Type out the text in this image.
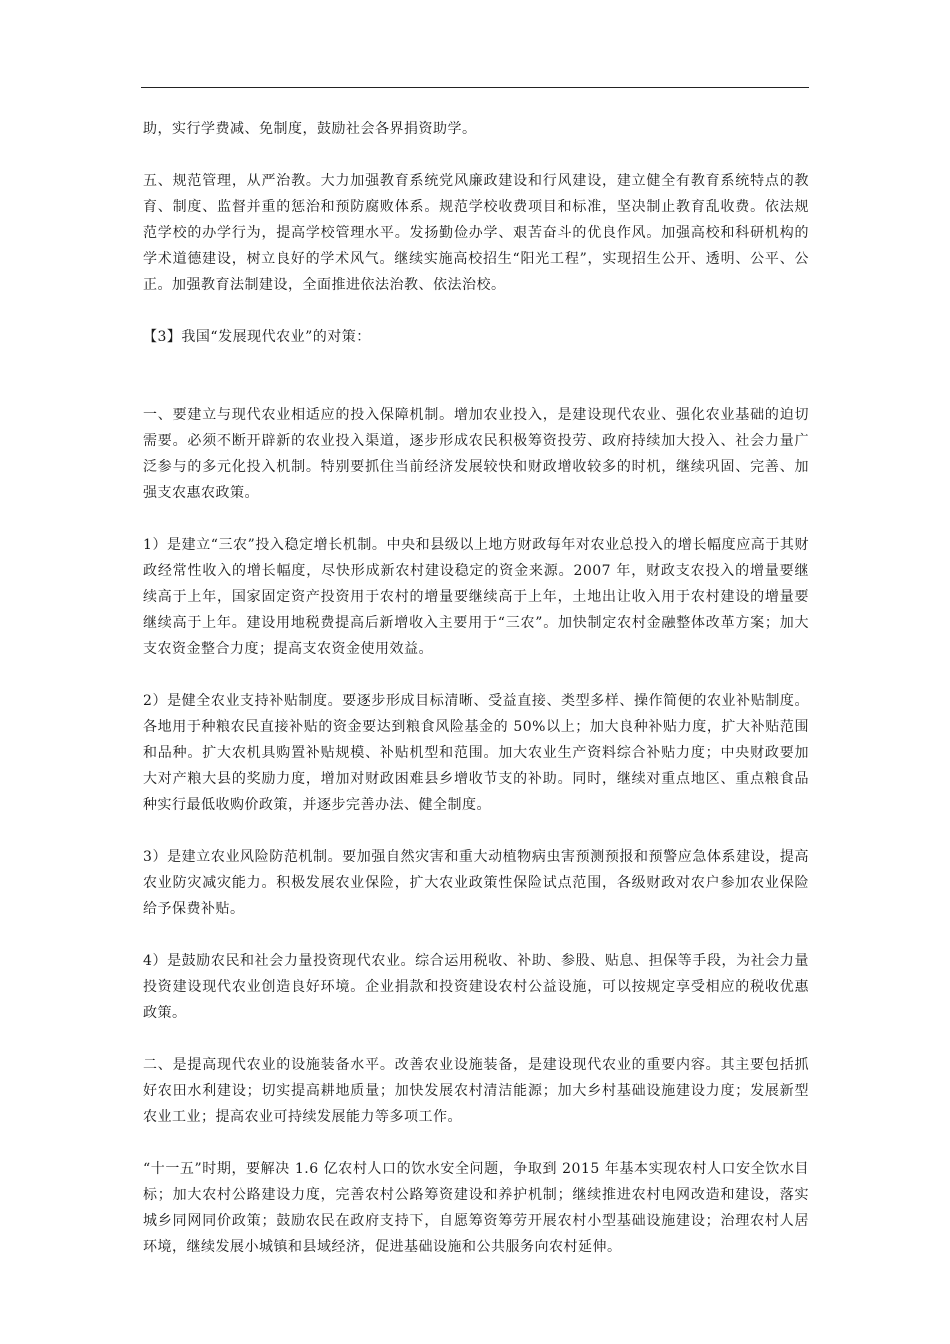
助，实行学费减、免制度，鼓励社会各界捐资助学。

五、规范管理，从严治教。大力加强教育系统党风廉政建设和行风建设，建立健全有教育系统特点的教育、制度、监督并重的惩治和预防腐败体系。规范学校收费项目和标准，坚决制止教育乱收费。依法规范学校的办学行为，提高学校管理水平。发扬勤俭办学、艰苦奋斗的优良作风。加强高校和科研机构的学术道德建设，树立良好的学术风气。继续实施高校招生“阳光工程”，实现招生公开、透明、公平、公正。加强教育法制建设，全面推进依法治教、依法治校。

【3】我国“发展现代农业”的对策：

一、要建立与现代农业相适应的投入保障机制。增加农业投入，是建设现代农业、强化农业基础的迫切需要。必须不断开辟新的农业投入渠道，逐步形成农民积极筹资投劳、政府持续加大投入、社会力量广泛参与的多元化投入机制。特别要抓住当前经济发展较快和财政增收较多的时机，继续巩固、完善、加强支农惠农政策。

1）是建立“三农”投入稳定增长机制。中央和县级以上地方财政每年对农业总投入的增长幅度应高于其财政经常性收入的增长幅度，尽快形成新农村建设稳定的资金来源。2007 年，财政支农投入的增量要继续高于上年，国家固定资产投资用于农村的增量要继续高于上年，土地出让收入用于农村建设的增量要继续高于上年。建设用地税费提高后新增收入主要用于“三农”。加快制定农村金融整体改革方案；加大支农资金整合力度；提高支农资金使用效益。

2）是健全农业支持补贴制度。要逐步形成目标清晰、受益直接、类型多样、操作简便的农业补贴制度。各地用于种粮农民直接补贴的资金要达到粮食风险基金的 50%以上；加大良种补贴力度，扩大补贴范围和品种。扩大农机具购置补贴规模、补贴机型和范围。加大农业生产资料综合补贴力度；中央财政要加大对产粮大县的奖励力度，增加对财政困难县乡增收节支的补助。同时，继续对重点地区、重点粮食品种实行最低收购价政策，并逐步完善办法、健全制度。

3）是建立农业风险防范机制。要加强自然灾害和重大动植物病虫害预测预报和预警应急体系建设，提高农业防灾减灾能力。积极发展农业保险，扩大农业政策性保险试点范围，各级财政对农户参加农业保险给予保费补贴。

4）是鼓励农民和社会力量投资现代农业。综合运用税收、补助、参股、贴息、担保等手段，为社会力量投资建设现代农业创造良好环境。企业捐款和投资建设农村公益设施，可以按规定享受相应的税收优惠政策。

二、是提高现代农业的设施装备水平。改善农业设施装备，是建设现代农业的重要内容。其主要包括抓好农田水利建设；切实提高耕地质量；加快发展农村清洁能源；加大乡村基础设施建设力度；发展新型农业工业；提高农业可持续发展能力等多项工作。

“十一五”时期，要解决 1.6 亿农村人口的饮水安全问题，争取到 2015 年基本实现农村人口安全饮水目标；加大农村公路建设力度，完善农村公路筹资建设和养护机制；继续推进农村电网改造和建设，落实城乡同网同价政策；鼓励农民在政府支持下，自愿筹资筹劳开展农村小型基础设施建设；治理农村人居环境，继续发展小城镇和县域经济，促进基础设施和公共服务向农村延伸。
